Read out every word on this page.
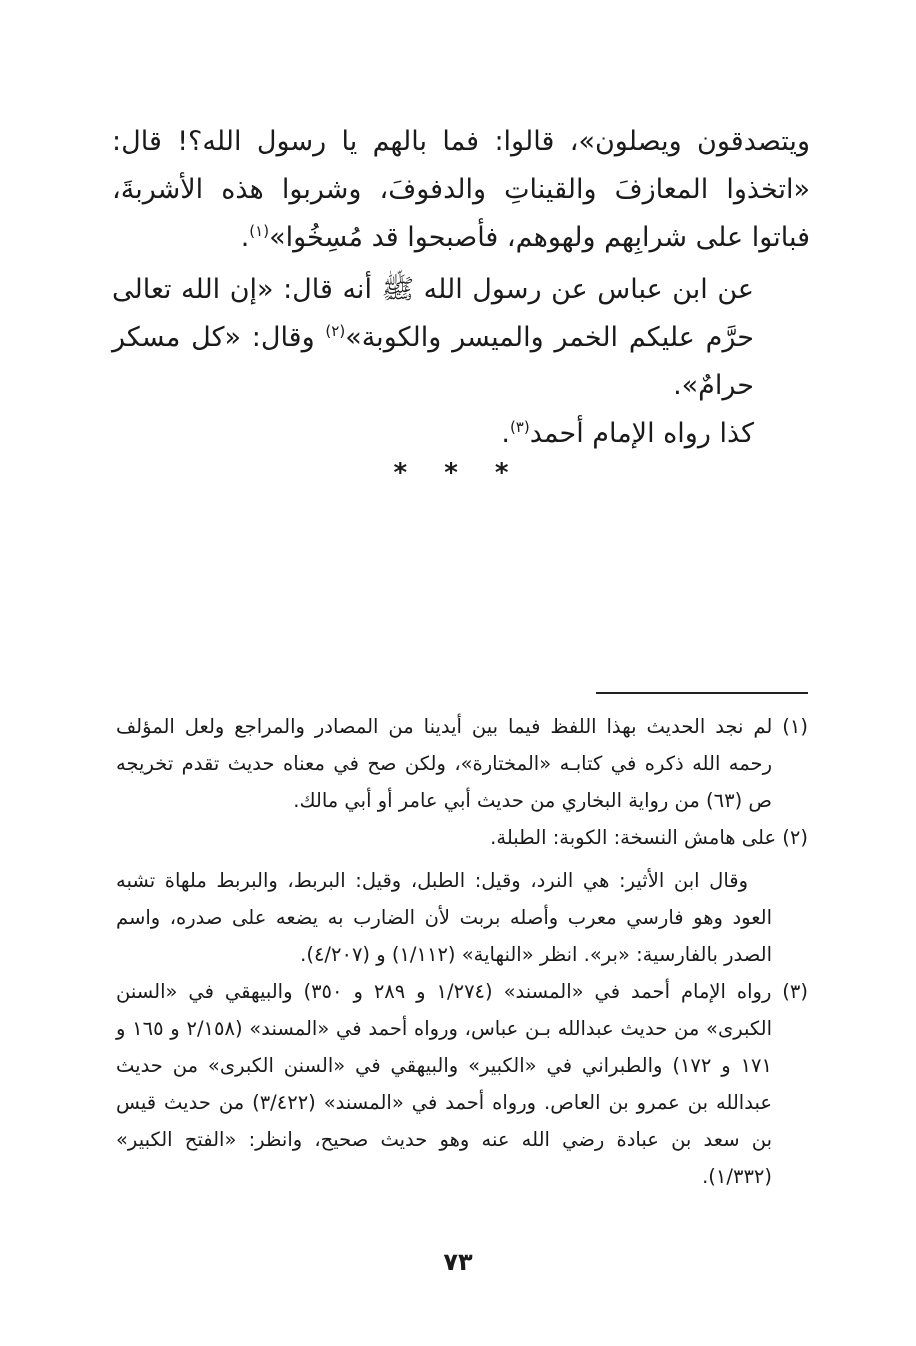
ويتصدقون ويصلون»، قالوا: فما بالهم يا رسول الله؟! قال: «اتخذوا المعازفَ والقيناتِ والدفوفَ، وشربوا هذه الأشربةَ، فباتوا على شرابِهم ولهوهم، فأصبحوا قد مُسِخُوا»$^{(١)}$.
عن ابن عباس عن رسول الله ﷺ أنه قال: «إن الله تعالى حرَّم عليكم الخمر والميسر والكوبة»$^{(٢)}$ وقال: «كل مسكر حرامٌ».
كذا رواه الإمام أحمد$^{(٣)}$.
* * *

(١) لم نجد الحديث بهذا اللفظ فيما بين أيدينا من المصادر والمراجع ولعل المؤلف رحمه الله ذكره في كتابـه «المختارة»، ولكن صح في معناه حديث تقدم تخريجه ص (٦٣) من رواية البخاري من حديث أبي عامر أو أبي مالك.

(٢) على هامش النسخة: الكوبة: الطبلة.

وقال ابن الأثير: هي النرد، وقيل: الطبل، وقيل: البربط، والبربط ملهاة تشبه العود وهو فارسي معرب وأصله بربت لأن الضارب به يضعه على صدره، واسم الصدر بالفارسية: «بر». انظر «النهاية» (١/١١٢) و (٤/٢٠٧).

(٣) رواه الإمام أحمد في «المسند» (١/٢٧٤ و ٢٨٩ و ٣٥٠) والبيهقي في «السنن الكبرى» من حديث عبدالله بـن عباس، ورواه أحمد في «المسند» (٢/١٥٨ و ١٦٥ و ١٧١ و ١٧٢) والطبراني في «الكبير» والبيهقي في «السنن الكبرى» من حديث عبدالله بن عمرو بن العاص. ورواه أحمد في «المسند» (٣/٤٢٢) من حديث قيس بن سعد بن عبادة رضي الله عنه وهو حديث صحيح، وانظر: «الفتح الكبير» (١/٣٣٢).

٧٣
